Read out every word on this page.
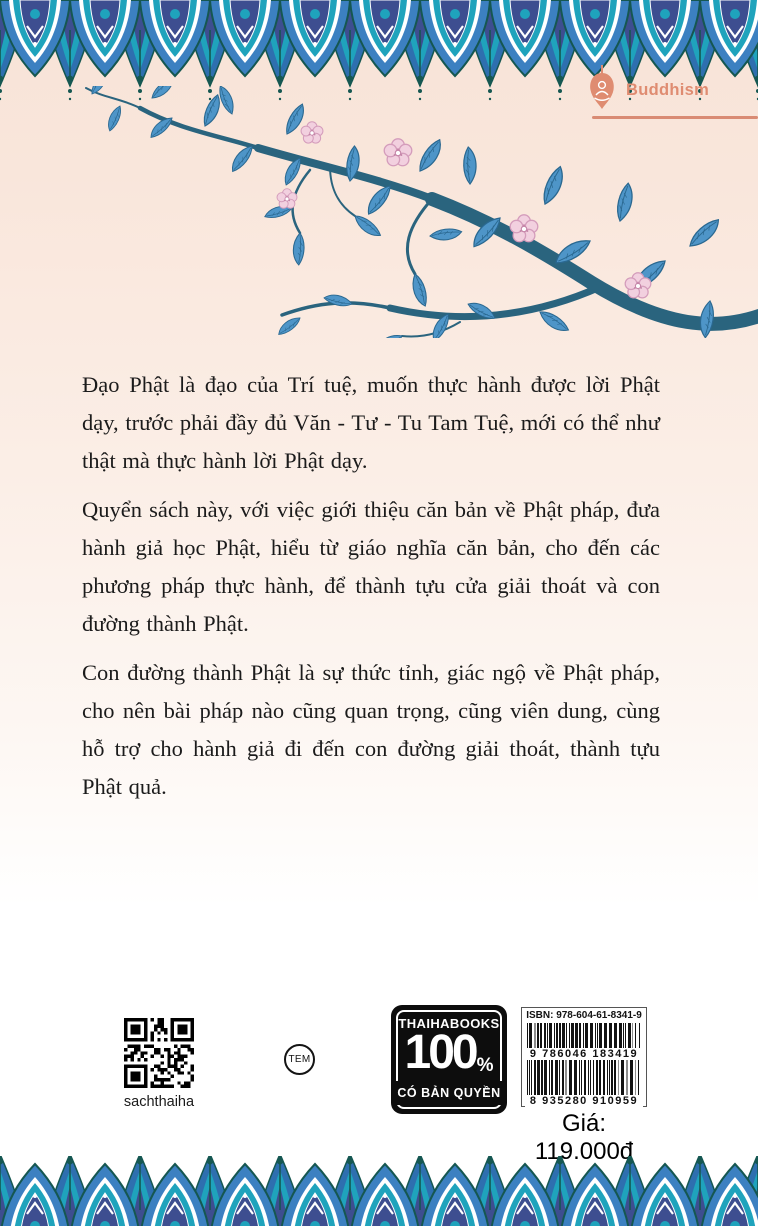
Buddhism

Đạo Phật là đạo của Trí tuệ, muốn thực hành được lời Phật dạy, trước phải đầy đủ Văn - Tư - Tu Tam Tuệ, mới có thể như thật mà thực hành lời Phật dạy.

Quyển sách này, với việc giới thiệu căn bản về Phật pháp, đưa hành giả học Phật, hiểu từ giáo nghĩa căn bản, cho đến các phương pháp thực hành, để thành tựu cửa giải thoát và con đường thành Phật.

Con đường thành Phật là sự thức tỉnh, giác ngộ về Phật pháp, cho nên bài pháp nào cũng quan trọng, cũng viên dung, cùng hỗ trợ cho hành giả đi đến con đường giải thoát, thành tựu Phật quả.

sachthaiha
TEM
THAIHABOOKS
100 %
CÓ BẢN QUYỀN
ISBN: 978-604-61-8341-9
9 786046 183419
8 935280 910959
Giá: 119.000đ
